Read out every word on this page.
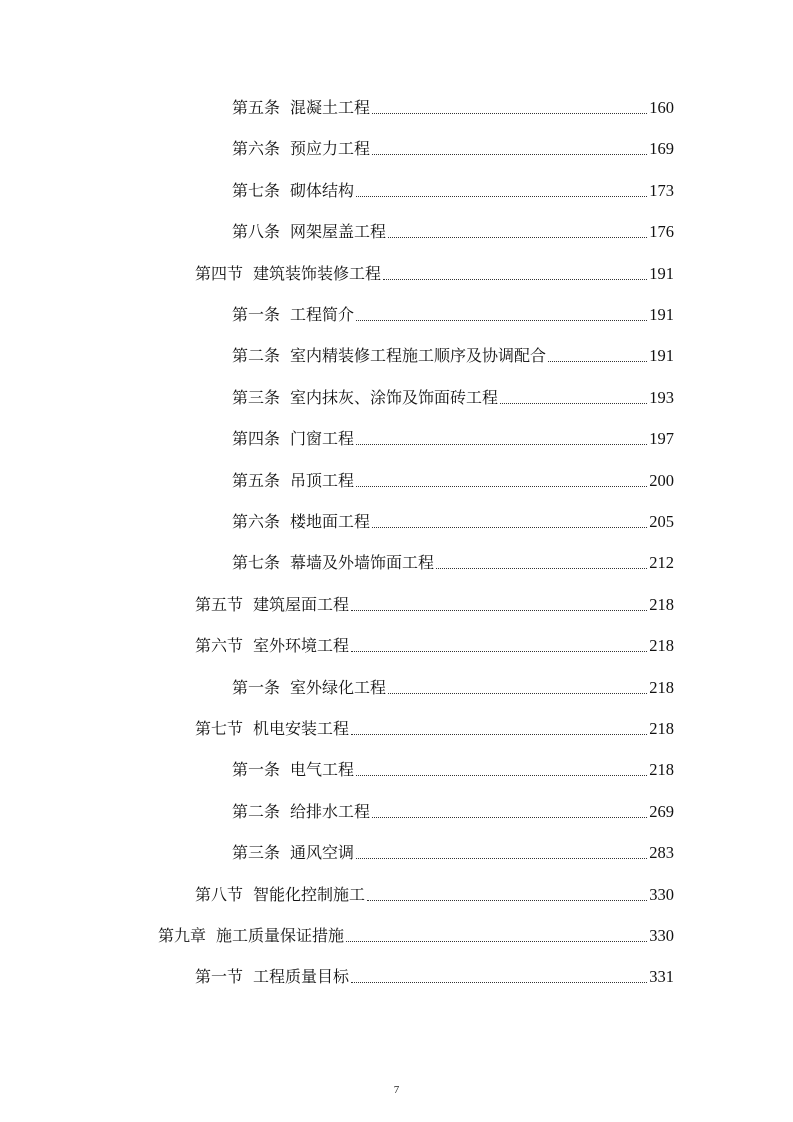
第五条 混凝土工程	160
第六条 预应力工程	169
第七条 砌体结构	173
第八条 网架屋盖工程	176
第四节 建筑装饰装修工程	191
第一条 工程简介	191
第二条 室内精装修工程施工顺序及协调配合	191
第三条 室内抹灰、涂饰及饰面砖工程	193
第四条 门窗工程	197
第五条 吊顶工程	200
第六条 楼地面工程	205
第七条 幕墙及外墙饰面工程	212
第五节 建筑屋面工程	218
第六节 室外环境工程	218
第一条 室外绿化工程	218
第七节 机电安装工程	218
第一条 电气工程	218
第二条 给排水工程	269
第三条 通风空调	283
第八节 智能化控制施工	330
第九章 施工质量保证措施	330
第一节 工程质量目标	331
7
